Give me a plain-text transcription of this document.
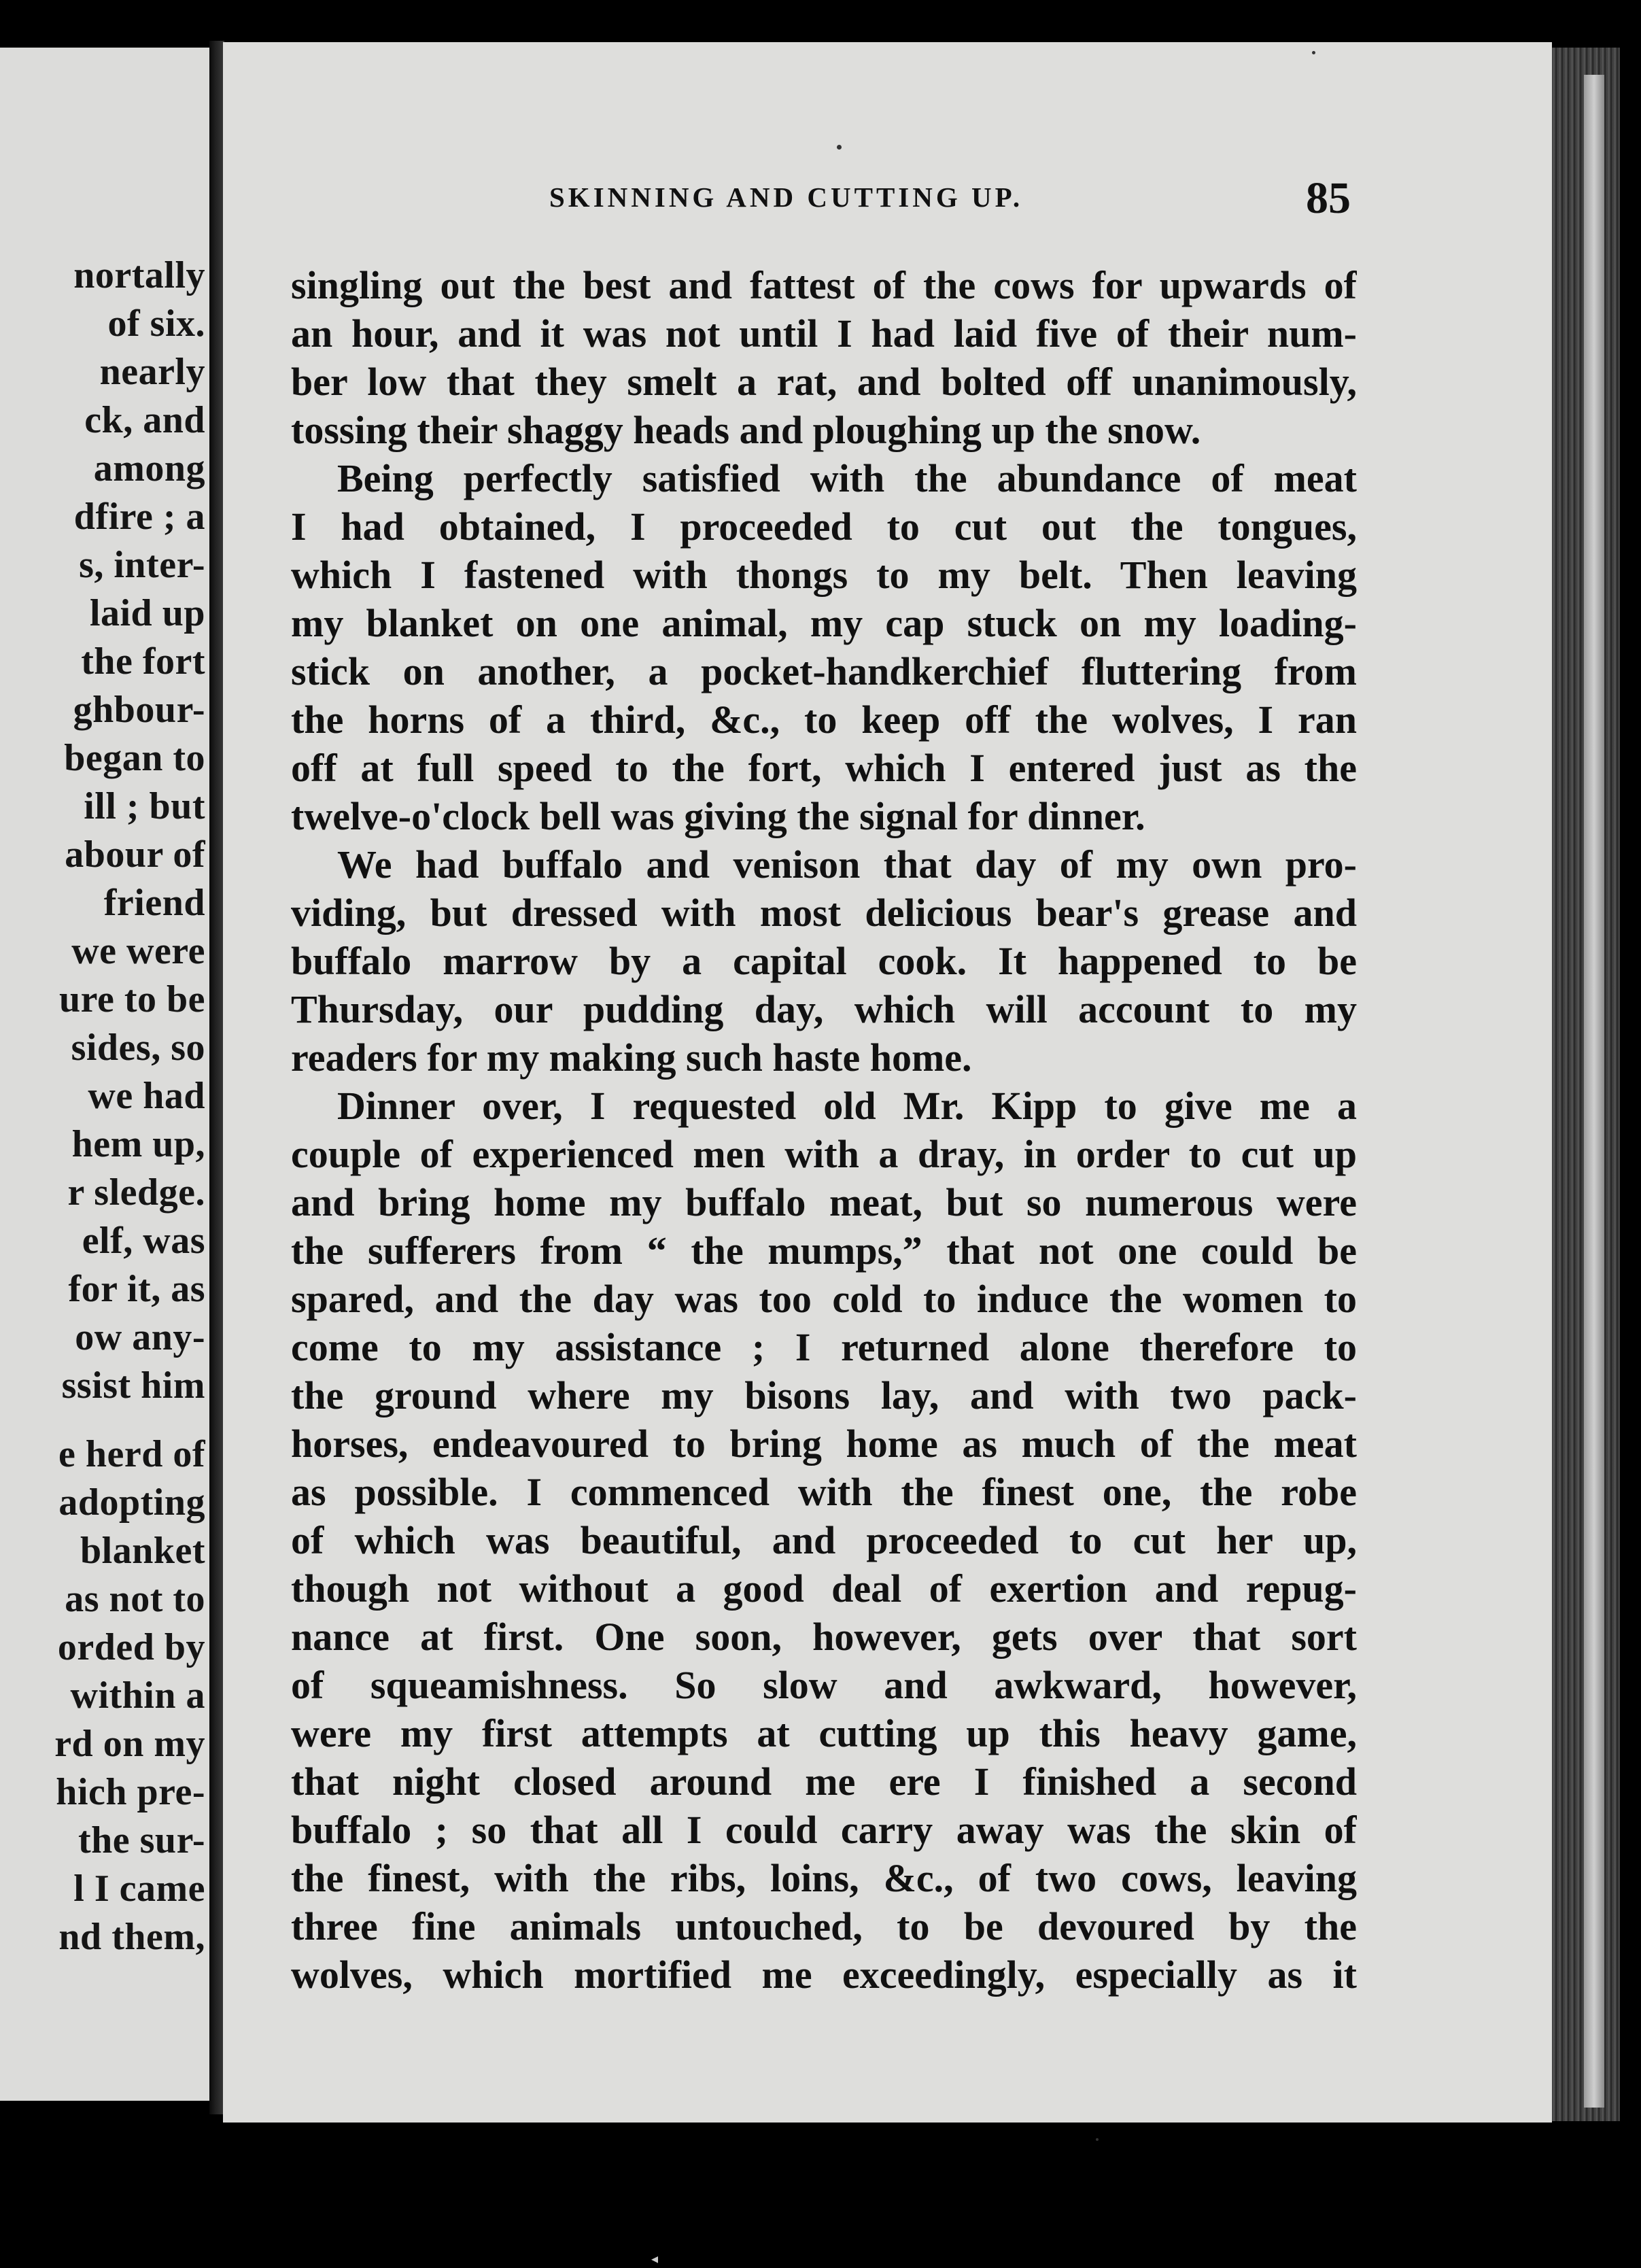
nortally
of six.
nearly
ck, and
among
dfire ; a
s, inter-
laid up
the fort
ghbour-
began to
ill ; but
abour of
friend
we were
ure to be
sides, so
we had
hem up,
r sledge.
elf, was
for it, as
ow any-
ssist him
e herd of
adopting
blanket
as not to
orded by
within a
rd on my
hich pre-
the sur-
l I came
nd them,
SKINNING AND CUTTING UP.	85
singling out the best and fattest of the cows for upwards of
an hour, and it was not until I had laid five of their num-
ber low that they smelt a rat, and bolted off unanimously,
tossing their shaggy heads and ploughing up the snow.
Being perfectly satisfied with the abundance of meat
I had obtained, I proceeded to cut out the tongues,
which I fastened with thongs to my belt. Then leaving
my blanket on one animal, my cap stuck on my loading-
stick on another, a pocket-handkerchief fluttering from
the horns of a third, &c., to keep off the wolves, I ran
off at full speed to the fort, which I entered just as the
twelve-o'clock bell was giving the signal for dinner.
We had buffalo and venison that day of my own pro-
viding, but dressed with most delicious bear's grease and
buffalo marrow by a capital cook. It happened to be
Thursday, our pudding day, which will account to my
readers for my making such haste home.
Dinner over, I requested old Mr. Kipp to give me a
couple of experienced men with a dray, in order to cut up
and bring home my buffalo meat, but so numerous were
the sufferers from “ the mumps,” that not one could be
spared, and the day was too cold to induce the women to
come to my assistance ; I returned alone therefore to
the ground where my bisons lay, and with two pack-
horses, endeavoured to bring home as much of the meat
as possible. I commenced with the finest one, the robe
of which was beautiful, and proceeded to cut her up,
though not without a good deal of exertion and repug-
nance at first. One soon, however, gets over that sort
of squeamishness. So slow and awkward, however,
were my first attempts at cutting up this heavy game,
that night closed around me ere I finished a second
buffalo ; so that all I could carry away was the skin of
the finest, with the ribs, loins, &c., of two cows, leaving
three fine animals untouched, to be devoured by the
wolves, which mortified me exceedingly, especially as it
◂
